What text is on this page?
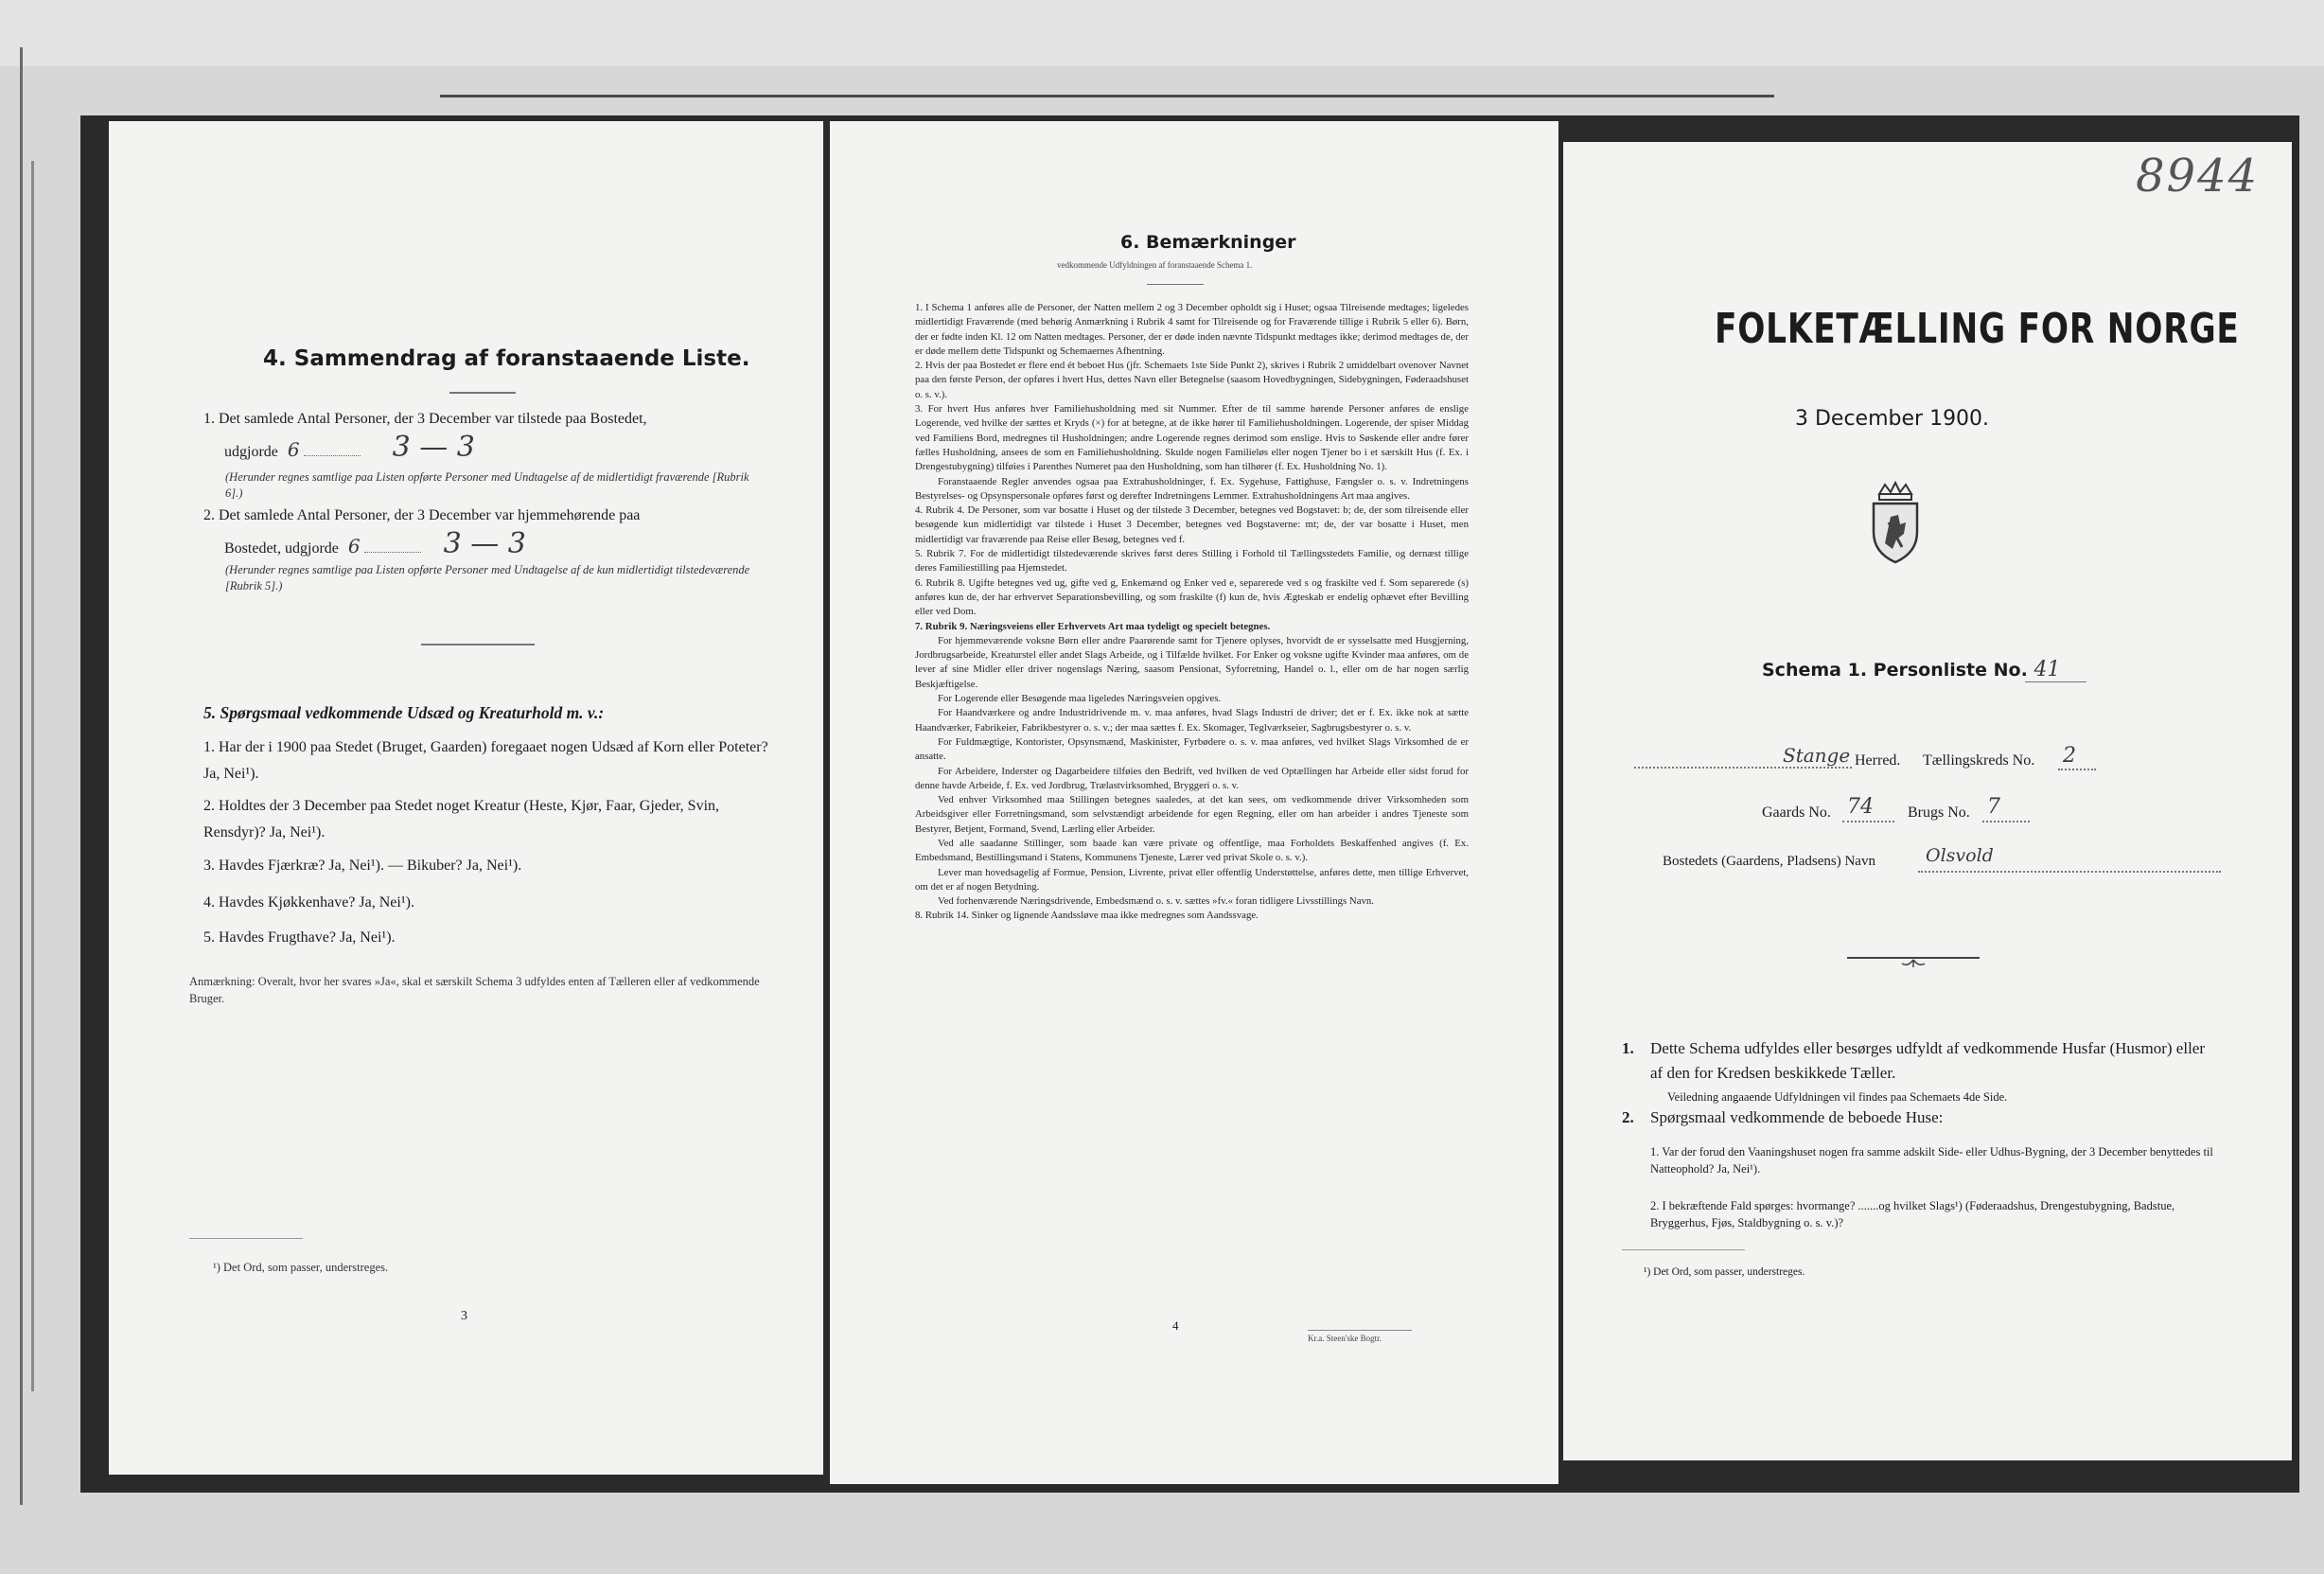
4. Sammendrag af foranstaaende Liste.
1. Det samlede Antal Personer, der 3 December var tilstede paa Bostedet,
udgjorde 6	3 — 3
(Herunder regnes samtlige paa Listen opførte Personer med Undtagelse af de midlertidigt fraværende [Rubrik 6].)
2. Det samlede Antal Personer, der 3 December var hjemmehørende paa
Bostedet, udgjorde 6	3 — 3
(Herunder regnes samtlige paa Listen opførte Personer med Undtagelse af de kun midlertidigt tilstedeværende [Rubrik 5].)
5. Spørgsmaal vedkommende Udsæd og Kreaturhold m. v.:
1. Har der i 1900 paa Stedet (Bruget, Gaarden) foregaaet nogen Udsæd af Korn eller Poteter? Ja, Nei¹).
2. Holdtes der 3 December paa Stedet noget Kreatur (Heste, Kjør, Faar, Gjeder, Svin, Rensdyr)? Ja, Nei¹).
3. Havdes Fjærkræ? Ja, Nei¹). — Bikuber? Ja, Nei¹).
4. Havdes Kjøkkenhave? Ja, Nei¹).
5. Havdes Frugthave? Ja, Nei¹).
Anmærkning: Overalt, hvor her svares »Ja«, skal et særskilt Schema 3 udfyldes enten af Tælleren eller af vedkommende Bruger.
¹) Det Ord, som passer, understreges.
3
6. Bemærkninger
vedkommende Udfyldningen af foranstaaende Schema 1.
1. I Schema 1 anføres alle de Personer, der Natten mellem 2 og 3 December opholdt sig i Huset; ogsaa Tilreisende medtages; ligeledes midlertidigt Fraværende (med behørig Anmærkning i Rubrik 4 samt for Tilreisende og for Fraværende tillige i Rubrik 5 eller 6). Børn, der er fødte inden Kl. 12 om Natten medtages. Personer, der er døde inden nævnte Tidspunkt medtages ikke; derimod medtages de, der er døde mellem dette Tidspunkt og Schemaernes Afhentning.
2. Hvis der paa Bostedet er flere end ét beboet Hus (jfr. Schemaets 1ste Side Punkt 2), skrives i Rubrik 2 umiddelbart ovenover Navnet paa den første Person, der opføres i hvert Hus, dettes Navn eller Betegnelse (saasom Hovedbygningen, Sidebygningen, Føderaadshuset o. s. v.).
3. For hvert Hus anføres hver Familiehusholdning med sit Nummer. Efter de til samme hørende Personer anføres de enslige Logerende, ved hvilke der sættes et Kryds (×) for at betegne, at de ikke hører til Familiehusholdningen. Logerende, der spiser Middag ved Familiens Bord, medregnes til Husholdningen; andre Logerende regnes derimod som enslige. Hvis to Søskende eller andre fører fælles Husholdning, ansees de som en Familiehusholdning. Skulde nogen Familieløs eller nogen Tjener bo i et særskilt Hus (f. Ex. i Drengestubygning) tilføies i Parenthes Numeret paa den Husholdning, som han tilhører (f. Ex. Husholdning No. 1).
Foranstaaende Regler anvendes ogsaa paa Extrahusholdninger, f. Ex. Sygehuse, Fattighuse, Fængsler o. s. v. Indretningens Bestyrelses- og Opsynspersonale opføres først og derefter Indretningens Lemmer. Extrahusholdningens Art maa angives.
4. Rubrik 4. De Personer, som var bosatte i Huset og der tilstede 3 December, betegnes ved Bogstavet: b; de, der som tilreisende eller besøgende kun midlertidigt var tilstede i Huset 3 December, betegnes ved Bogstaverne: mt; de, der var bosatte i Huset, men midlertidigt var fraværende paa Reise eller Besøg, betegnes ved f.
5. Rubrik 7. For de midlertidigt tilstedeværende skrives først deres Stilling i Forhold til Tællingsstedets Familie, og dernæst tillige deres Familiestilling paa Hjemstedet.
6. Rubrik 8. Ugifte betegnes ved ug, gifte ved g, Enkemænd og Enker ved e, separerede ved s og fraskilte ved f. Som separerede (s) anføres kun de, der har erhvervet Separationsbevilling, og som fraskilte (f) kun de, hvis Ægteskab er endelig ophævet efter Bevilling eller ved Dom.
7. Rubrik 9. Næringsveiens eller Erhvervets Art maa tydeligt og specielt betegnes.
For hjemmeværende voksne Børn eller andre Paarørende samt for Tjenere oplyses, hvorvidt de er sysselsatte med Husgjerning, Jordbrugsarbeide, Kreaturstel eller andet Slags Arbeide, og i Tilfælde hvilket. For Enker og voksne ugifte Kvinder maa anføres, om de lever af sine Midler eller driver nogenslags Næring, saasom Pensionat, Syforretning, Handel o. l., eller om de har nogen særlig Beskjæftigelse.
For Logerende eller Besøgende maa ligeledes Næringsveien opgives.
For Haandværkere og andre Industridrivende m. v. maa anføres, hvad Slags Industri de driver; det er f. Ex. ikke nok at sætte Haandværker, Fabrikeier, Fabrikbestyrer o. s. v.; der maa sættes f. Ex. Skomager, Teglværkseier, Sagbrugsbestyrer o. s. v.
For Fuldmægtige, Kontorister, Opsynsmænd, Maskinister, Fyrbødere o. s. v. maa anføres, ved hvilket Slags Virksomhed de er ansatte.
For Arbeidere, Inderster og Dagarbeidere tilføies den Bedrift, ved hvilken de ved Optællingen har Arbeide eller sidst forud for denne havde Arbeide, f. Ex. ved Jordbrug, Trælastvirksomhed, Bryggeri o. s. v.
Ved enhver Virksomhed maa Stillingen betegnes saaledes, at det kan sees, om vedkommende driver Virksomheden som Arbeidsgiver eller Forretningsmand, som selvstændigt arbeidende for egen Regning, eller om han arbeider i andres Tjeneste som Bestyrer, Betjent, Formand, Svend, Lærling eller Arbeider.
Ved alle saadanne Stillinger, som baade kan være private og offentlige, maa Forholdets Beskaffenhed angives (f. Ex. Embedsmand, Bestillingsmand i Statens, Kommunens Tjeneste, Lærer ved privat Skole o. s. v.).
Lever man hovedsagelig af Formue, Pension, Livrente, privat eller offentlig Understøttelse, anføres dette, men tillige Erhvervet, om det er af nogen Betydning.
Ved forhenværende Næringsdrivende, Embedsmænd o. s. v. sættes »fv.« foran tidligere Livsstillings Navn.
8. Rubrik 14. Sinker og lignende Aandssløve maa ikke medregnes som Aandssvage.
4
Kr.a. Steen'ske Bogtr.
8944
FOLKETÆLLING FOR NORGE
3 December 1900.
Schema 1. Personliste No. 41
Stange Herred. Tællingskreds No. 2
Gaards No. 74 Brugs No. 7
Bostedets (Gaardens, Pladsens) Navn	Olsvold
1. Dette Schema udfyldes eller besørges udfyldt af vedkommende Husfar (Husmor) eller af den for Kredsen beskikkede Tæller.
Veiledning angaaende Udfyldningen vil findes paa Schemaets 4de Side.
2. Spørgsmaal vedkommende de beboede Huse:
1. Var der forud den Vaaningshuset nogen fra samme adskilt Side- eller Udhus-Bygning, der 3 December benyttedes til Natteophold? Ja, Nei¹).
2. I bekræftende Fald spørges: hvormange? .......og hvilket Slags¹) (Føderaadshus, Drengestubygning, Badstue, Bryggerhus, Fjøs, Staldbygning o. s. v.)?
¹) Det Ord, som passer, understreges.
